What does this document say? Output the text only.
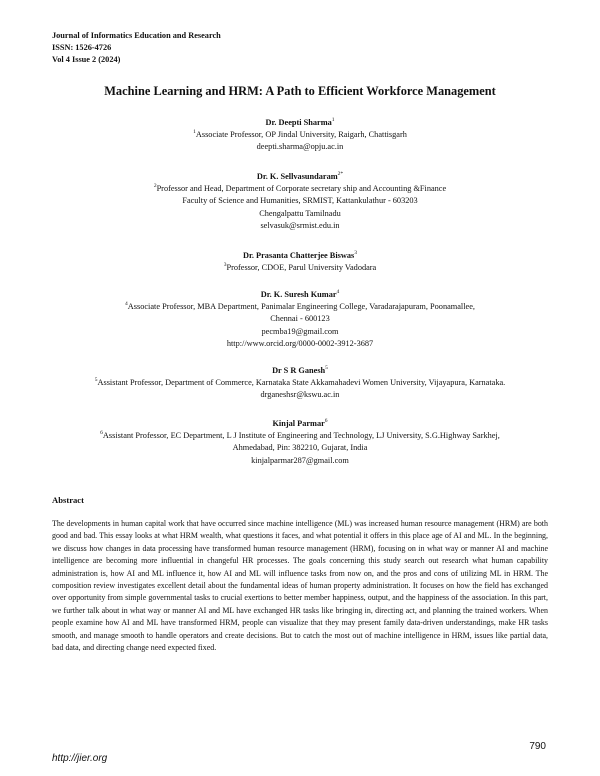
Journal of Informatics Education and Research
ISSN: 1526-4726
Vol 4 Issue 2 (2024)
Machine Learning and HRM: A Path to Efficient Workforce Management
Dr. Deepti Sharma$^1$
$^1$Associate Professor, OP Jindal University, Raigarh, Chattisgarh
deepti.sharma@opju.ac.in
Dr. K. Sellvasundaram$^{2*}$
$^2$Professor and Head, Department of Corporate secretary ship and Accounting &Finance
Faculty of Science and Humanities, SRMIST, Kattankulathur - 603203
Chengalpattu Tamilnadu
selvasuk@srmist.edu.in
Dr. Prasanta Chatterjee Biswas$^3$
$^3$Professor, CDOE, Parul University Vadodara
Dr. K. Suresh Kumar$^4$
$^4$Associate Professor, MBA Department, Panimalar Engineering College, Varadarajapuram, Poonamallee,
Chennai - 600123
pecmba19@gmail.com
http://www.orcid.org/0000-0002-3912-3687
Dr S R Ganesh$^5$
$^5$Assistant Professor, Department of Commerce, Karnataka State Akkamahadevi Women University, Vijayapura, Karnataka.
drganeshsr@kswu.ac.in
Kinjal Parmar$^6$
$^6$Assistant Professor, EC Department, L J Institute of Engineering and Technology, LJ University, S.G.Highway Sarkhej,
Ahmedabad, Pin: 382210, Gujarat, India
kinjalparmar287@gmail.com
Abstract
The developments in human capital work that have occurred since machine intelligence (ML) was increased human resource management (HRM) are both good and bad. This essay looks at what HRM wealth, what questions it faces, and what potential it offers in this place age of AI and ML. In the beginning, we discuss how changes in data processing have transformed human resource management (HRM), focusing on in what way or manner AI and machine intelligence are becoming more influential in changeful HR processes. The goals concerning this study search out research what human capability administration is, how AI and ML influence it, how AI and ML will influence tasks from now on, and the pros and cons of utilizing ML in HRM. The composition review investigates excellent detail about the fundamental ideas of human property administration. It focuses on how the field has exchanged over opportunity from simple governmental tasks to crucial exertions to better member happiness, output, and the happiness of the association. In this part, we further talk about in what way or manner AI and ML have exchanged HR tasks like bringing in, directing act, and planning the trained workers. When people examine how AI and ML have transformed HRM, people can visualize that they may present family data-driven understandings, make HR tasks smooth, and manage smooth to handle operators and create decisions. But to catch the most out of machine intelligence in HRM, issues like partial data, bad data, and directing change need expected fixed.
790
http://jier.org
